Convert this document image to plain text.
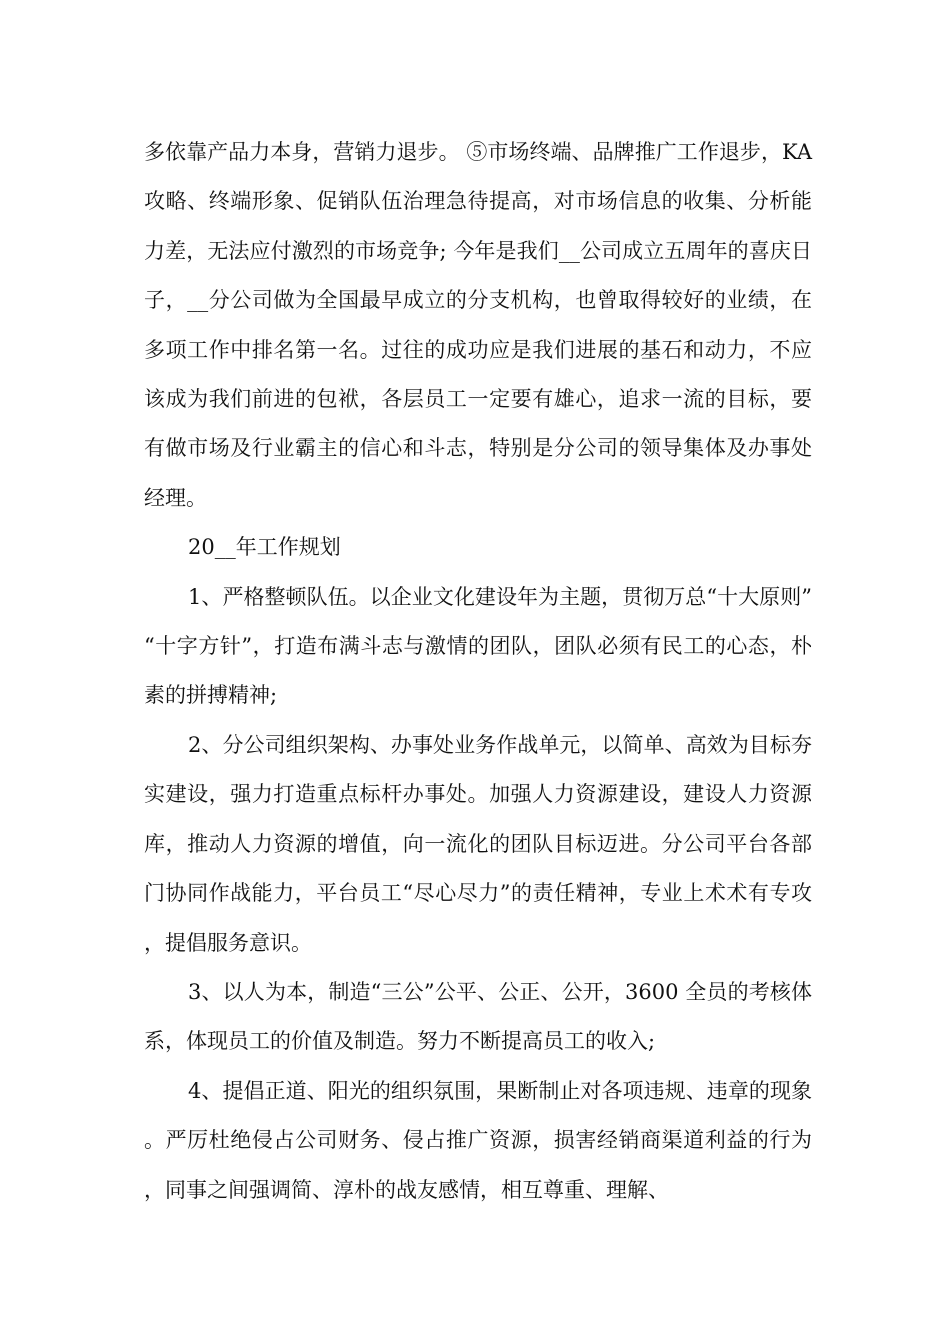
多依靠产品力本身，营销力退步。 ⑤市场终端、品牌推广工作退步，KA 攻略、终端形象、促销队伍治理急待提高，对市场信息的收集、分析能力差，无法应付激烈的市场竞争; 今年是我们__公司成立五周年的喜庆日子，__分公司做为全国最早成立的分支机构，也曾取得较好的业绩，在多项工作中排名第一名。过往的成功应是我们进展的基石和动力，不应该成为我们前进的包袱，各层员工一定要有雄心，追求一流的目标，要有做市场及行业霸主的信心和斗志，特别是分公司的领导集体及办事处经理。

20__年工作规划

1、严格整顿队伍。以企业文化建设年为主题，贯彻万总“十大原则”“十字方针”，打造布满斗志与激情的团队，团队必须有民工的心态，朴素的拼搏精神;

2、分公司组织架构、办事处业务作战单元，以简单、高效为目标夯实建设，强力打造重点标杆办事处。加强人力资源建设，建设人力资源库，推动人力资源的增值，向一流化的团队目标迈进。分公司平台各部门协同作战能力，平台员工“尽心尽力”的责任精神，专业上术术有专攻，提倡服务意识。

3、以人为本，制造“三公”公平、公正、公开，3600 全员的考核体系，体现员工的价值及制造。努力不断提高员工的收入;

4、提倡正道、阳光的组织氛围，果断制止对各项违规、违章的现象。严厉杜绝侵占公司财务、侵占推广资源，损害经销商渠道利益的行为，同事之间强调简、淳朴的战友感情，相互尊重、理解、
